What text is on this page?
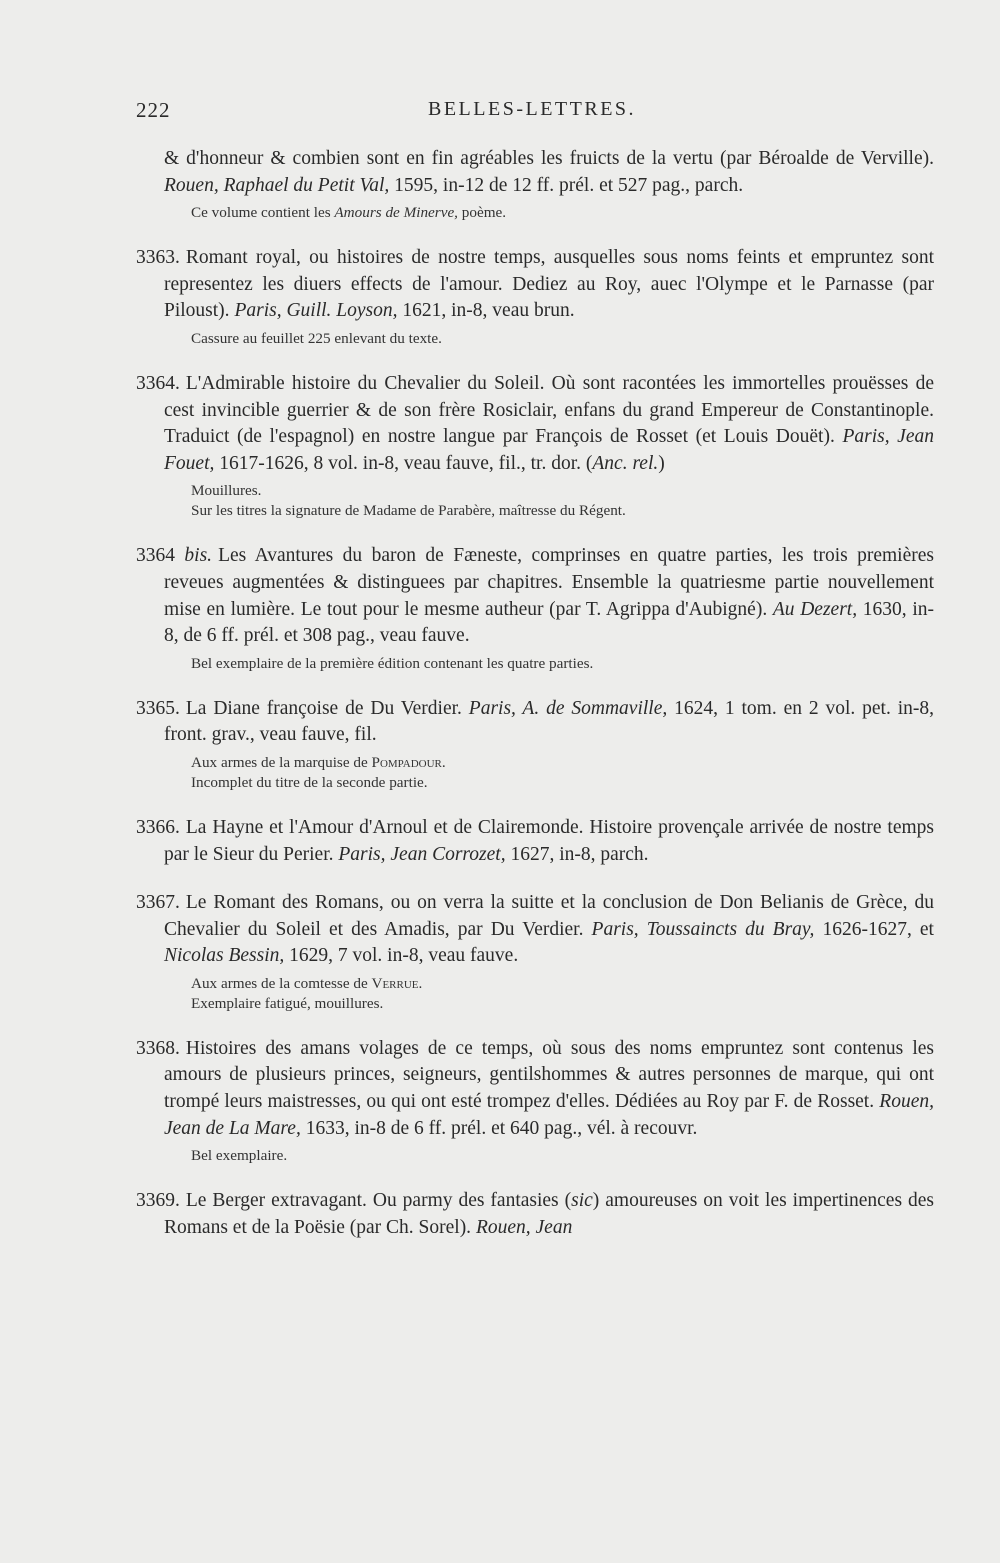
222	BELLES-LETTRES.

& d'honneur & combien sont en fin agréables les fruicts de la vertu (par Béroalde de Verville). Rouen, Raphael du Petit Val, 1595, in-12 de 12 ff. prél. et 527 pag., parch.

Ce volume contient les Amours de Minerve, poème.

3363. Romant royal, ou histoires de nostre temps, ausquelles sous noms feints et empruntez sont representez les diuers effects de l'amour. Dediez au Roy, auec l'Olympe et le Parnasse (par Piloust). Paris, Guill. Loyson, 1621, in-8, veau brun.

Cassure au feuillet 225 enlevant du texte.

3364. L'Admirable histoire du Chevalier du Soleil. Où sont racontées les immortelles prouësses de cest invincible guerrier & de son frère Rosiclair, enfans du grand Empereur de Constantinople. Traduict (de l'espagnol) en nostre langue par François de Rosset (et Louis Douët). Paris, Jean Fouet, 1617-1626, 8 vol. in-8, veau fauve, fil., tr. dor. (Anc. rel.)

Mouillures.
Sur les titres la signature de Madame de Parabère, maîtresse du Régent.

3364 bis. Les Avantures du baron de Fæneste, comprinses en quatre parties, les trois premières reveues augmentées & distinguees par chapitres. Ensemble la quatriesme partie nouvellement mise en lumière. Le tout pour le mesme autheur (par T. Agrippa d'Aubigné). Au Dezert, 1630, in-8, de 6 ff. prél. et 308 pag., veau fauve.

Bel exemplaire de la première édition contenant les quatre parties.

3365. La Diane françoise de Du Verdier. Paris, A. de Sommaville, 1624, 1 tom. en 2 vol. pet. in-8, front. grav., veau fauve, fil.

Aux armes de la marquise de Pompadour.
Incomplet du titre de la seconde partie.

3366. La Hayne et l'Amour d'Arnoul et de Clairemonde. Histoire provençale arrivée de nostre temps par le Sieur du Perier. Paris, Jean Corrozet, 1627, in-8, parch.

3367. Le Romant des Romans, ou on verra la suitte et la conclusion de Don Belianis de Grèce, du Chevalier du Soleil et des Amadis, par Du Verdier. Paris, Toussaincts du Bray, 1626-1627, et Nicolas Bessin, 1629, 7 vol. in-8, veau fauve.

Aux armes de la comtesse de Verrue.
Exemplaire fatigué, mouillures.

3368. Histoires des amans volages de ce temps, où sous des noms empruntez sont contenus les amours de plusieurs princes, seigneurs, gentilshommes & autres personnes de marque, qui ont trompé leurs maistresses, ou qui ont esté trompez d'elles. Dédiées au Roy par F. de Rosset. Rouen, Jean de La Mare, 1633, in-8 de 6 ff. prél. et 640 pag., vél. à recouvr.

Bel exemplaire.

3369. Le Berger extravagant. Ou parmy des fantasies (sic) amoureuses on voit les impertinences des Romans et de la Poësie (par Ch. Sorel). Rouen, Jean
